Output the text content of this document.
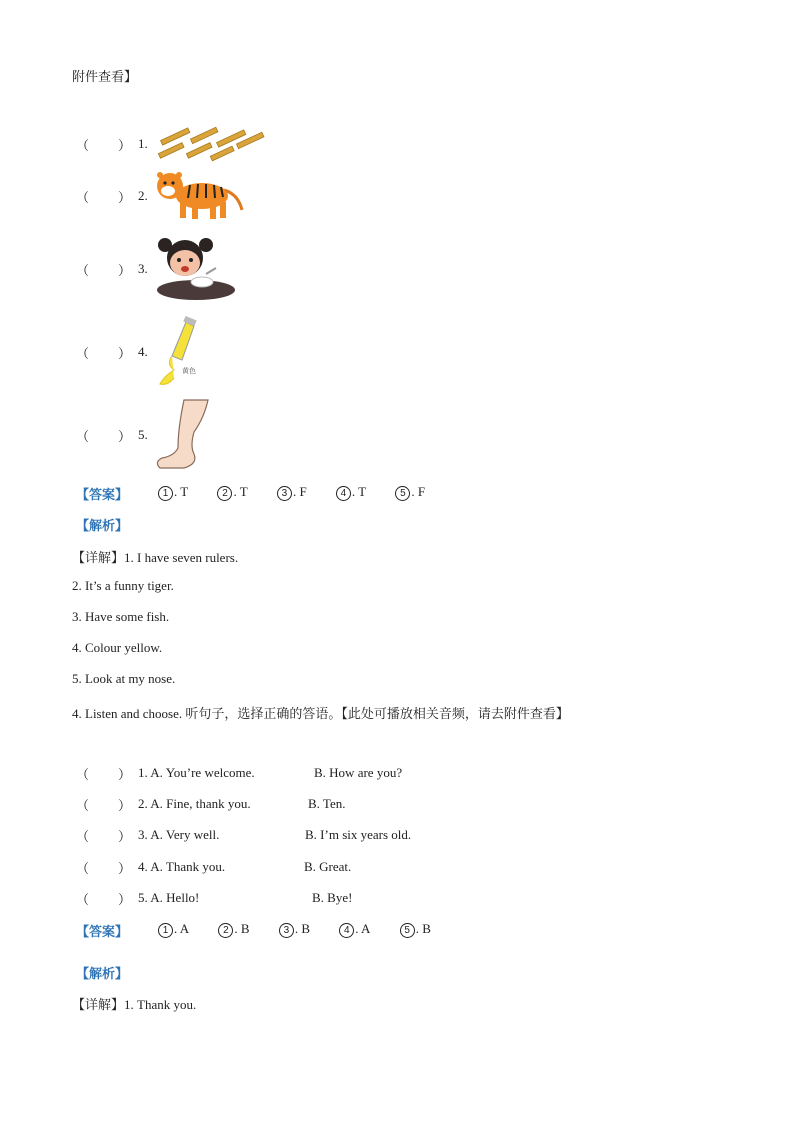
附件查看】
（	） 1.
（	） 2.
（	） 3.
（	） 4.
黄色
（	） 5.
【答案】	1 . T	2 . T	3 . F	4 . T	5 . F
【解析】
【详解】1. I have seven rulers.
2. It’s a funny tiger.
3. Have some fish.
4. Colour yellow.
5. Look at my nose.
4. Listen and choose. 听句子，选择正确的答语。【此处可播放相关音频，请去附件查看】
（	） 1. A. You’re welcome.	B. How are you?
（	） 2. A. Fine, thank you.	B. Ten.
（	） 3. A. Very well.	B. I’m six years old.
（	） 4. A. Thank you.	B. Great.
（	） 5. A. Hello!	B. Bye!
【答案】	1 . A	2 . B	3 . B	4 . A	5 . B
【解析】
【详解】1. Thank you.
